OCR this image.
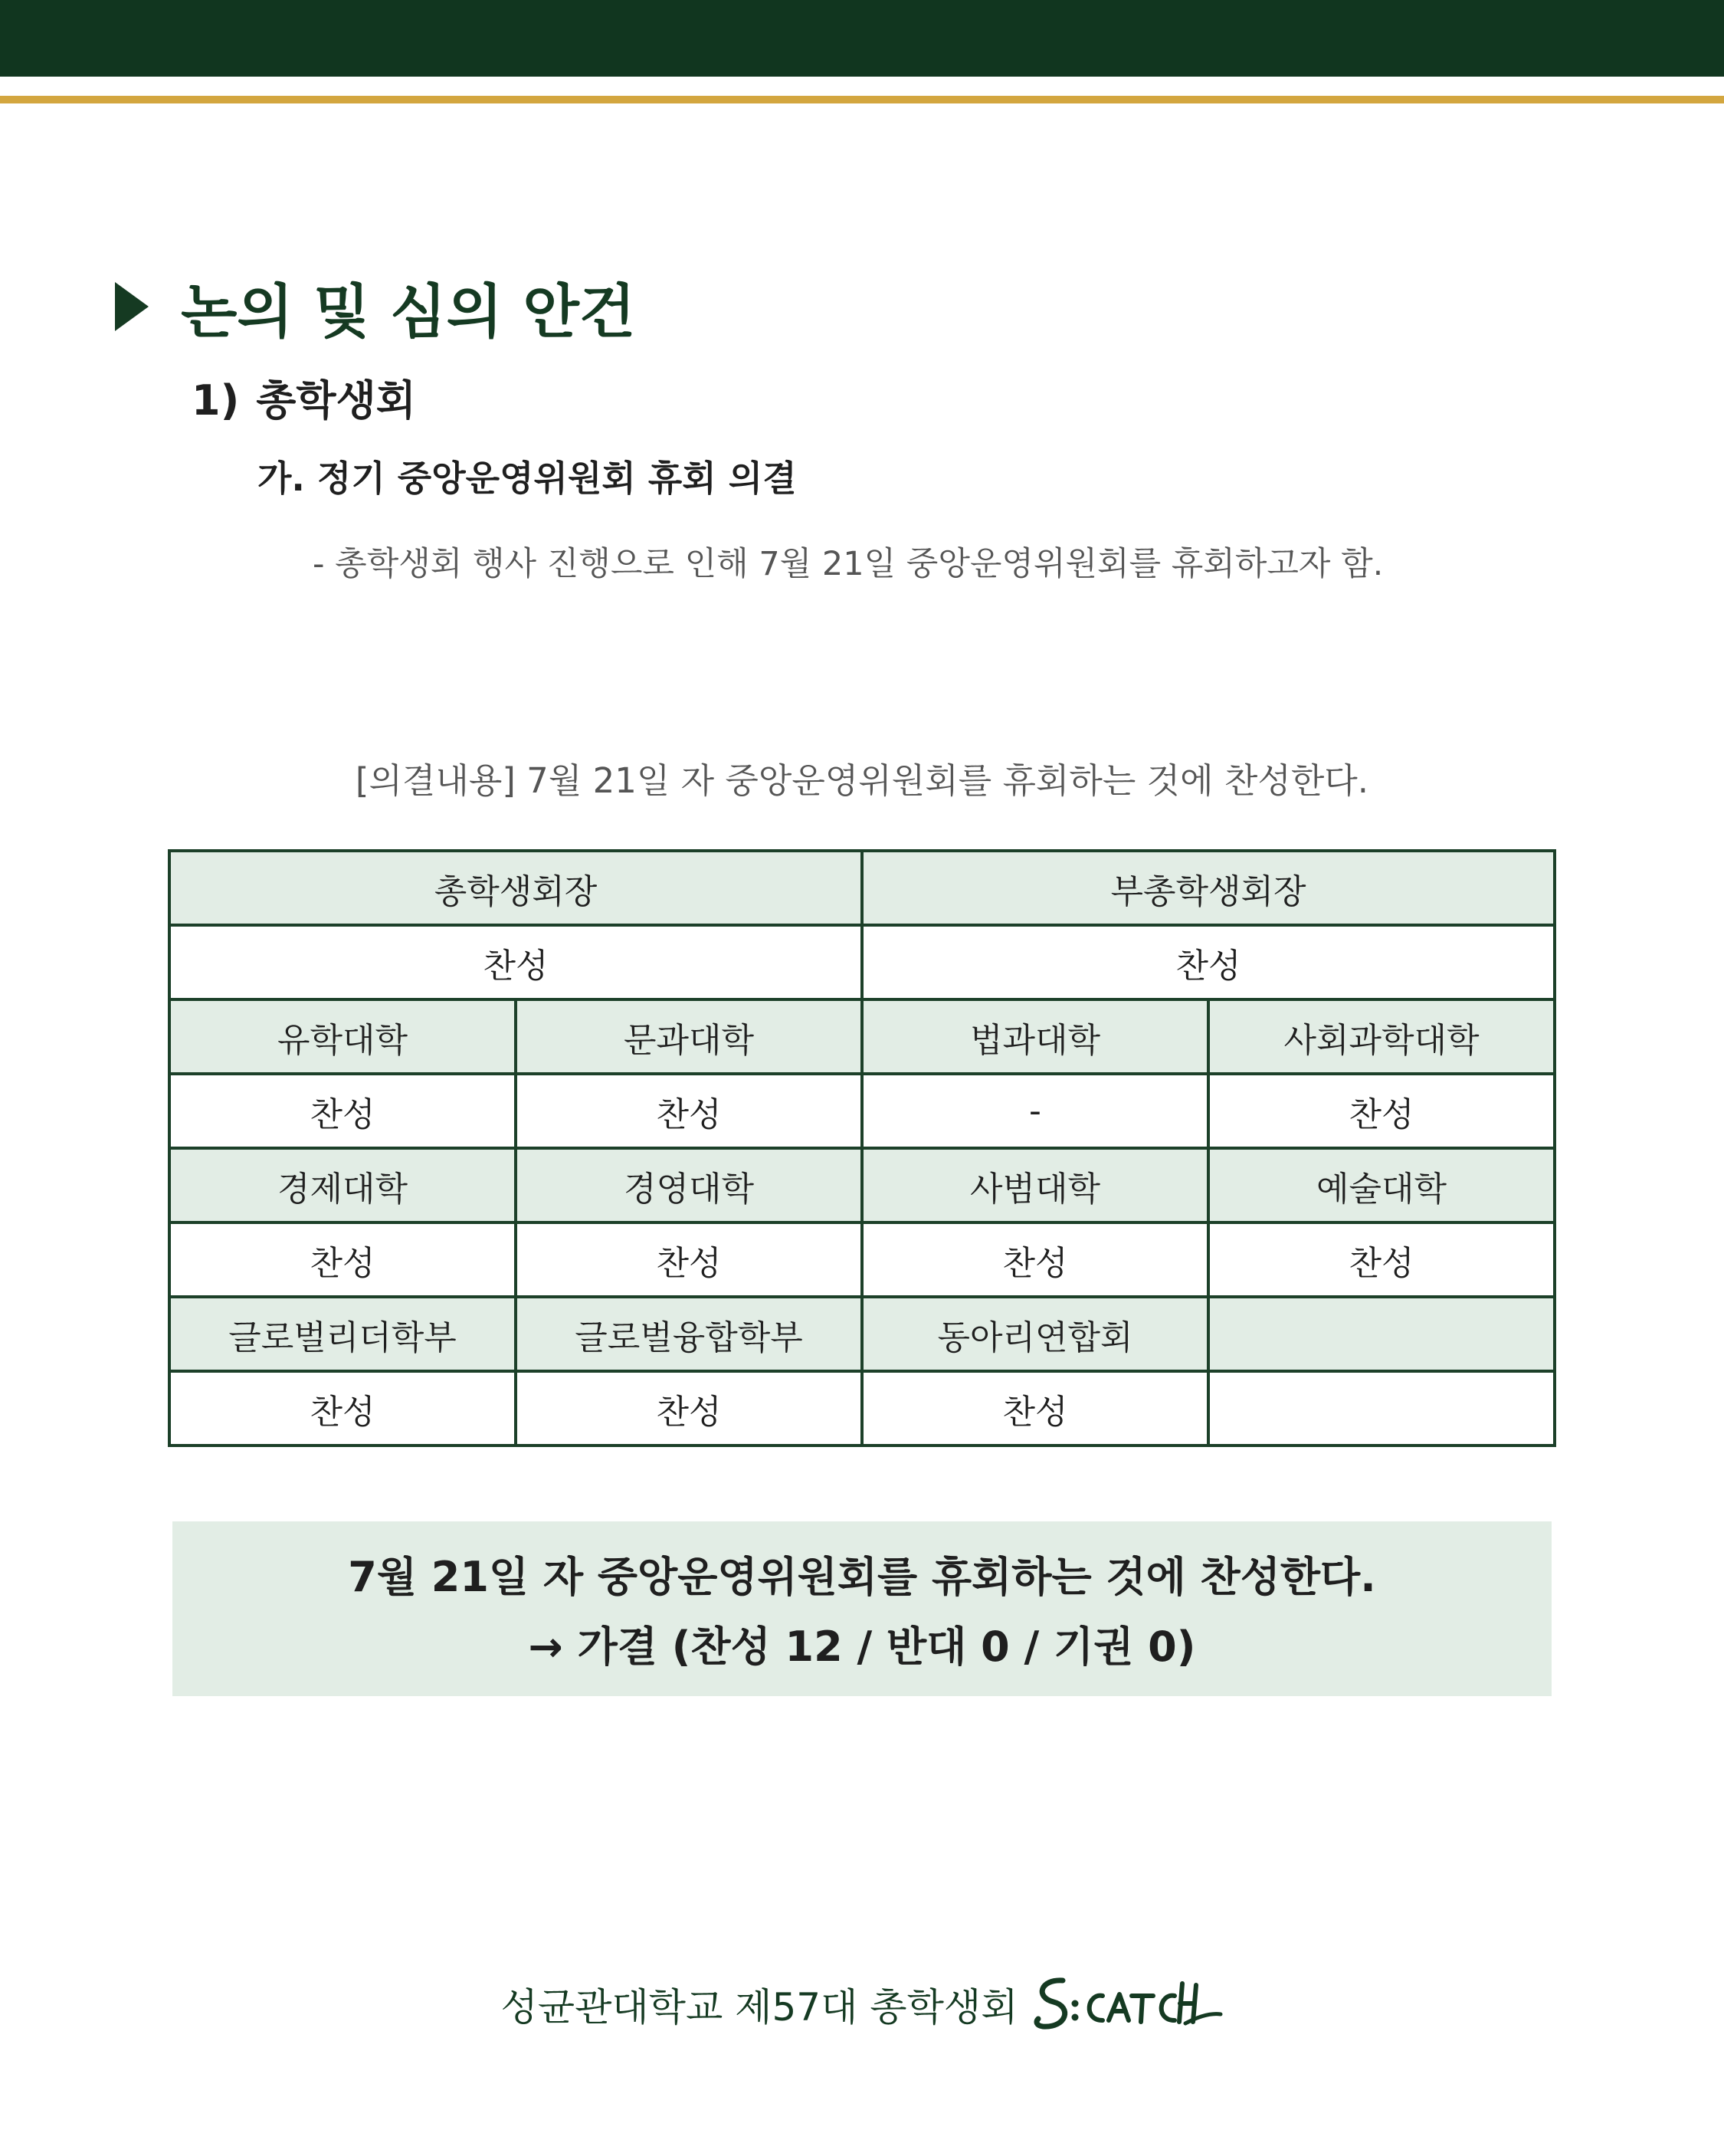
논의 및 심의 안건
1) 총학생회
가. 정기 중앙운영위원회 휴회 의결
- 총학생회 행사 진행으로 인해 7월 21일 중앙운영위원회를 휴회하고자 함.
[의결내용] 7월 21일 자 중앙운영위원회를 휴회하는 것에 찬성한다.
총학생회장		부총학생회장	
찬성		찬성	
유학대학	문과대학	법과대학	사회과학대학
찬성	찬성	-	찬성
경제대학	경영대학	사범대학	예술대학
찬성	찬성	찬성	찬성
글로벌리더학부	글로벌융합학부	동아리연합회	
찬성	찬성	찬성	
7월 21일 자 중앙운영위원회를 휴회하는 것에 찬성한다.
→ 가결 (찬성 12 / 반대 0 / 기권 0)
성균관대학교 제57대 총학생회
